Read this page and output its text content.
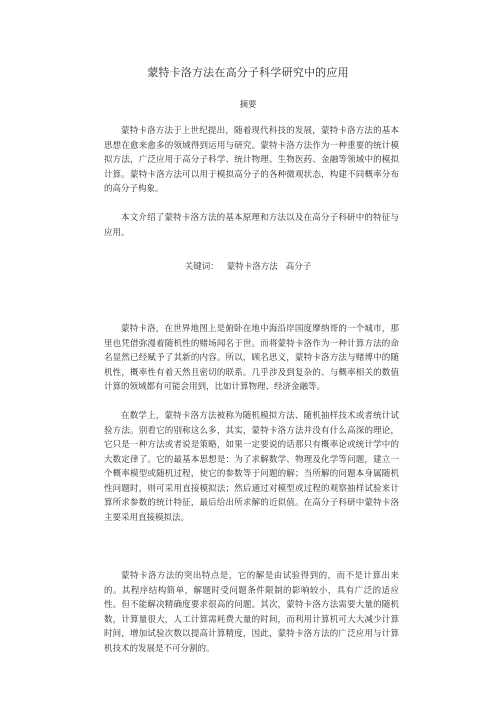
蒙特卡洛方法在高分子科学研究中的应用
摘要

蒙特卡洛方法于上世纪提出，随着现代科技的发展，蒙特卡洛方法的基本思想在愈来愈多的领域得到运用与研究。蒙特卡洛方法作为一种重要的统计模拟方法，广泛应用于高分子科学、统计物理、生物医药、金融等领域中的模拟计算。蒙特卡洛方法可以用于模拟高分子的各种微观状态，构建不同概率分布的高分子构象。

本文介绍了蒙特卡洛方法的基本原理和方法以及在高分子科研中的特征与应用。

关键词： 蒙特卡洛方法 高分子

蒙特卡洛，在世界地图上是俯卧在地中海沿岸国度摩纳哥的一个城市，那里也凭借弥漫着随机性的赌场闻名于世。而将蒙特卡洛作为一种计算方法的命名显然已经赋予了其新的内容。所以，顾名思义，蒙特卡洛方法与赌博中的随机性，概率性有着天然且密切的联系。几乎涉及到复杂的、与概率相关的数值计算的领域都有可能会用到，比如计算物理、经济金融等。

在数学上，蒙特卡洛方法被称为随机模拟方法、随机抽样技术或者统计试验方法。别看它的别称这么多，其实，蒙特卡洛方法并没有什么高深的理论，它只是一种方法或者说是策略，如果一定要说的话那只有概率论或统计学中的大数定律了。它的最基本思想是：为了求解数学、物理及化学等问题，建立一个概率模型或随机过程，使它的参数等于问题的解；当所解的问题本身属随机性问题时，则可采用直接模拟法；然后通过对模型或过程的观察抽样试验来计算所求参数的统计特征，最后给出所求解的近似值。在高分子科研中蒙特卡洛主要采用直接模拟法。

蒙特卡洛方法的突出特点是，它的解是由试验得到的，而不是计算出来的。其程序结构简单，解题时受问题条件限制的影响较小，具有广泛的适应性。但不能解决精确度要求很高的问题。其次，蒙特卡洛方法需要大量的随机数，计算量很大，人工计算需耗费大量的时间，而利用计算机可大大减少计算时间，增加试验次数以提高计算精度，因此，蒙特卡洛方法的广泛应用与计算机技术的发展是不可分割的。
